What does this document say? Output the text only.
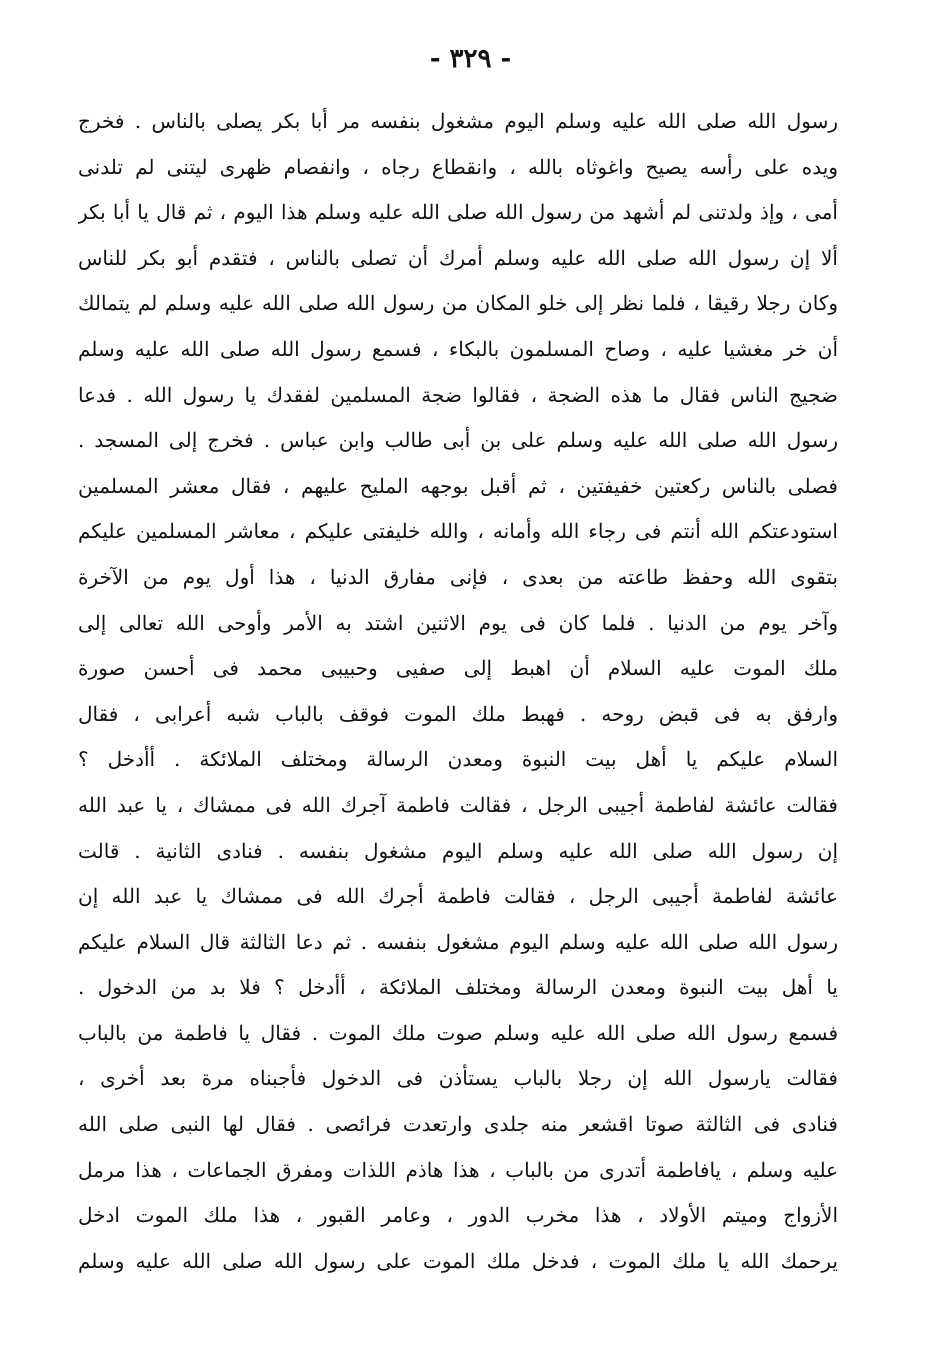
- ٣٢٩ -
رسول الله صلى الله عليه وسلم اليوم مشغول بنفسه مر أبا بكر يصلى بالناس . فخرج
ويده على رأسه يصيح واغوثاه بالله ، وانقطاع رجاه ، وانفصام ظهرى ليتنى لم تلدنى
أمى ، وإذ ولدتنى لم أشهد من رسول الله صلى الله عليه وسلم هذا اليوم ، ثم قال يا أبا بكر
ألا إن رسول الله صلى الله عليه وسلم أمرك أن تصلى بالناس ، فتقدم أبو بكر للناس
وكان رجلا رقيقا ، فلما نظر إلى خلو المكان من رسول الله صلى الله عليه وسلم لم يتمالك
أن خر مغشيا عليه ، وصاح المسلمون بالبكاء ، فسمع رسول الله صلى الله عليه وسلم
ضجيج الناس فقال ما هذه الضجة ، فقالوا ضجة المسلمين لفقدك يا رسول الله . فدعا
رسول الله صلى الله عليه وسلم على بن أبى طالب وابن عباس . فخرج إلى المسجد .
فصلى بالناس ركعتين خفيفتين ، ثم أقبل بوجهه المليح عليهم ، فقال معشر المسلمين
استودعتكم الله أنتم فى رجاء الله وأمانه ، والله خليفتى عليكم ، معاشر المسلمين عليكم
بتقوى الله وحفظ طاعته من بعدى ، فإنى مفارق الدنيا ، هذا أول يوم من الآخرة
وآخر يوم من الدنيا . فلما كان فى يوم الاثنين اشتد به الأمر وأوحى الله تعالى إلى
ملك الموت عليه السلام أن اهبط إلى صفيى وحبيبى محمد فى أحسن صورة
وارفق به فى قبض روحه . فهبط ملك الموت فوقف بالباب شبه أعرابى ، فقال
السلام عليكم يا أهل بيت النبوة ومعدن الرسالة ومختلف الملائكة . أأدخل ؟
فقالت عائشة لفاطمة أجيبى الرجل ، فقالت فاطمة آجرك الله فى ممشاك ، يا عبد الله
إن رسول الله صلى الله عليه وسلم اليوم مشغول بنفسه . فنادى الثانية . قالت
عائشة لفاطمة أجيبى الرجل ، فقالت فاطمة أجرك الله فى ممشاك يا عبد الله إن
رسول الله صلى الله عليه وسلم اليوم مشغول بنفسه . ثم دعا الثالثة قال السلام عليكم
يا أهل بيت النبوة ومعدن الرسالة ومختلف الملائكة ، أأدخل ؟ فلا بد من الدخول .
فسمع رسول الله صلى الله عليه وسلم صوت ملك الموت . فقال يا فاطمة من بالباب
فقالت يارسول الله إن رجلا بالباب يستأذن فى الدخول فأجبناه مرة بعد أخرى ،
فنادى فى الثالثة صوتا اقشعر منه جلدى وارتعدت فرائصى . فقال لها النبى صلى الله
عليه وسلم ، يافاطمة أتدرى من بالباب ، هذا هاذم اللذات ومفرق الجماعات ، هذا مرمل
الأزواج وميتم الأولاد ، هذا مخرب الدور ، وعامر القبور ، هذا ملك الموت ادخل
يرحمك الله يا ملك الموت ، فدخل ملك الموت على رسول الله صلى الله عليه وسلم
